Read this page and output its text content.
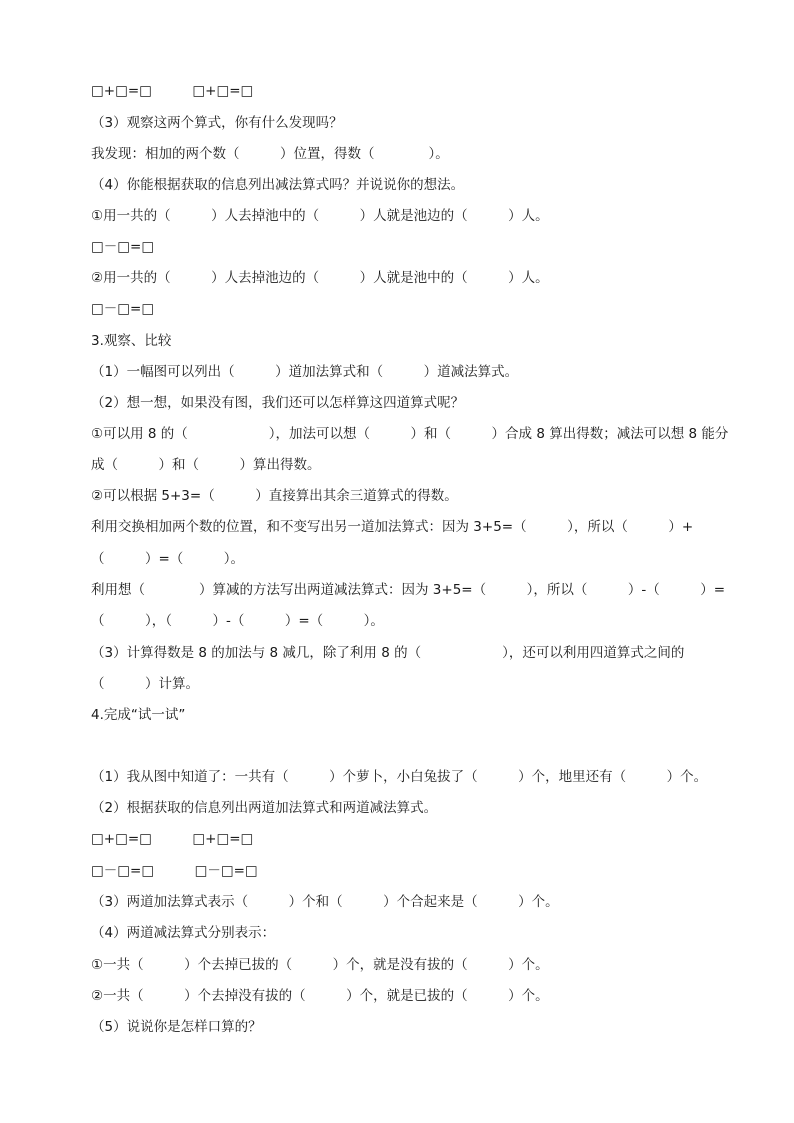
□+□=□　　　□+□=□
（3）观察这两个算式，你有什么发现吗？
我发现：相加的两个数（　　　）位置，得数（　　　　）。
（4）你能根据获取的信息列出减法算式吗？并说说你的想法。
①用一共的（　　　）人去掉池中的（　　　）人就是池边的（　　　）人。
□－□=□
②用一共的（　　　）人去掉池边的（　　　）人就是池中的（　　　）人。
□－□=□
3.观察、比较
（1）一幅图可以列出（　　　）道加法算式和（　　　）道减法算式。
（2）想一想，如果没有图，我们还可以怎样算这四道算式呢？
①可以用 8 的（　　　　　　），加法可以想（　　　）和（　　　）合成 8 算出得数；减法可以想 8 能分
成（　　　）和（　　　）算出得数。
②可以根据 5+3=（　　　）直接算出其余三道算式的得数。
利用交换相加两个数的位置，和不变写出另一道加法算式：因为 3+5=（　　　），所以（　　　）+
（　　　）=（　　　）。
利用想（　　　　）算减的方法写出两道减法算式：因为 3+5=（　　　），所以（　　　）-（　　　）=
（　　　），（　　　）-（　　　）=（　　　）。
（3）计算得数是 8 的加法与 8 减几，除了利用 8 的（　　　　　　），还可以利用四道算式之间的
（　　　）计算。
4.完成“试一试”
（1）我从图中知道了：一共有（　　　）个萝卜，小白兔拔了（　　　）个，地里还有（　　　）个。
（2）根据获取的信息列出两道加法算式和两道减法算式。
□+□=□　　　□+□=□
□－□=□　　　□－□=□
（3）两道加法算式表示（　　　）个和（　　　）个合起来是（　　　）个。
（4）两道减法算式分别表示：
①一共（　　　）个去掉已拔的（　　　）个，就是没有拔的（　　　）个。
②一共（　　　）个去掉没有拔的（　　　）个，就是已拔的（　　　）个。
（5）说说你是怎样口算的？
